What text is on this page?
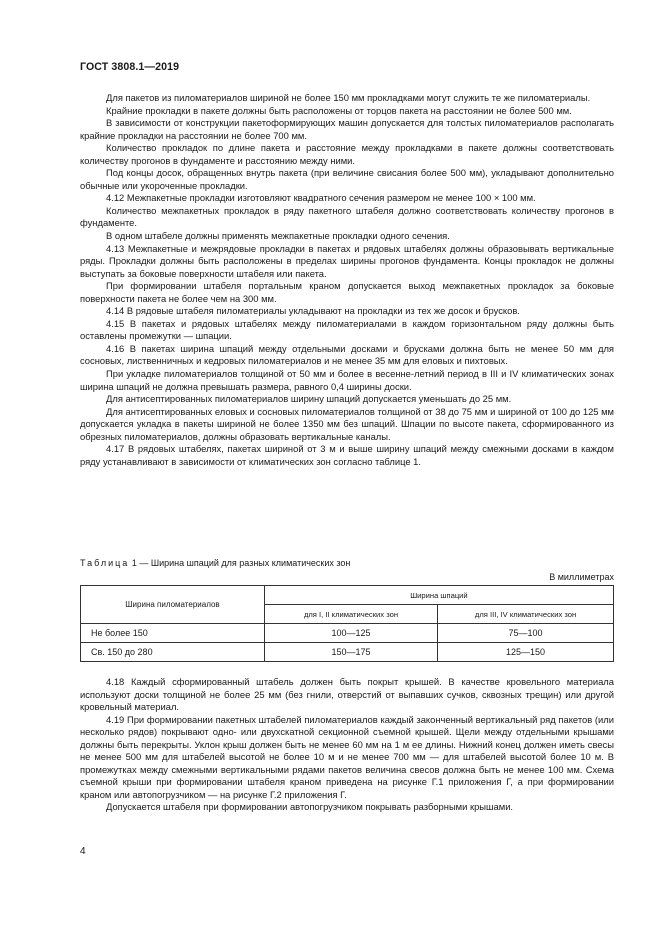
ГОСТ 3808.1—2019

Для пакетов из пиломатериалов шириной не более 150 мм прокладками могут служить те же пиломатериалы.

Крайние прокладки в пакете должны быть расположены от торцов пакета на расстоянии не более 500 мм.

В зависимости от конструкции пакетоформирующих машин допускается для толстых пиломатериалов располагать крайние прокладки на расстоянии не более 700 мм.

Количество прокладок по длине пакета и расстояние между прокладками в пакете должны соответствовать количеству прогонов в фундаменте и расстоянию между ними.

Под концы досок, обращенных внутрь пакета (при величине свисания более 500 мм), укладывают дополнительно обычные или укороченные прокладки.

4.12 Межпакетные прокладки изготовляют квадратного сечения размером не менее 100 × 100 мм.

Количество межпакетных прокладок в ряду пакетного штабеля должно соответствовать количеству прогонов в фундаменте.

В одном штабеле должны применять межпакетные прокладки одного сечения.

4.13 Межпакетные и межрядовые прокладки в пакетах и рядовых штабелях должны образовывать вертикальные ряды. Прокладки должны быть расположены в пределах ширины прогонов фундамента. Концы прокладок не должны выступать за боковые поверхности штабеля или пакета.

При формировании штабеля портальным краном допускается выход межпакетных прокладок за боковые поверхности пакета не более чем на 300 мм.

4.14 В рядовые штабеля пиломатериалы укладывают на прокладки из тех же досок и брусков.

4.15 В пакетах и рядовых штабелях между пиломатериалами в каждом горизонтальном ряду должны быть оставлены промежутки — шпации.

4.16 В пакетах ширина шпаций между отдельными досками и брусками должна быть не менее 50 мм для сосновых, лиственничных и кедровых пиломатериалов и не менее 35 мм для еловых и пихтовых.

При укладке пиломатериалов толщиной от 50 мм и более в весенне-летний период в III и IV климатических зонах ширина шпаций не должна превышать размера, равного 0,4 ширины доски.

Для антисептированных пиломатериалов ширину шпаций допускается уменьшать до 25 мм.

Для антисептированных еловых и сосновых пиломатериалов толщиной от 38 до 75 мм и шириной от 100 до 125 мм допускается укладка в пакеты шириной не более 1350 мм без шпаций. Шпации по высоте пакета, сформированного из обрезных пиломатериалов, должны образовать вертикальные каналы.

4.17 В рядовых штабелях, пакетах шириной от 3 м и выше ширину шпаций между смежными досками в каждом ряду устанавливают в зависимости от климатических зон согласно таблице 1.

Таблица 1 — Ширина шпаций для разных климатических зон
В миллиметрах
Ширина пиломатериалов	Ширина шпаций	
	для I, II климатических зон	для III, IV климатических зон
Не более 150	100—125	75—100
Св. 150 до 280	150—175	125—150

4.18 Каждый сформированный штабель должен быть покрыт крышей. В качестве кровельного материала используют доски толщиной не более 25 мм (без гнили, отверстий от выпавших сучков, сквозных трещин) или другой кровельный материал.

4.19 При формировании пакетных штабелей пиломатериалов каждый законченный вертикальный ряд пакетов (или несколько рядов) покрывают одно- или двухскатной секционной съемной крышей. Щели между отдельными крышами должны быть перекрыты. Уклон крыш должен быть не менее 60 мм на 1 м ее длины. Нижний конец должен иметь свесы не менее 500 мм для штабелей высотой не более 10 м и не менее 700 мм — для штабелей высотой более 10 м. В промежутках между смежными вертикальными рядами пакетов величина свесов должна быть не менее 100 мм. Схема съемной крыши при формировании штабеля краном приведена на рисунке Г.1 приложения Г, а при формировании краном или автопогрузчиком — на рисунке Г.2 приложения Г.

Допускается штабеля при формировании автопогрузчиком покрывать разборными крышами.

4
